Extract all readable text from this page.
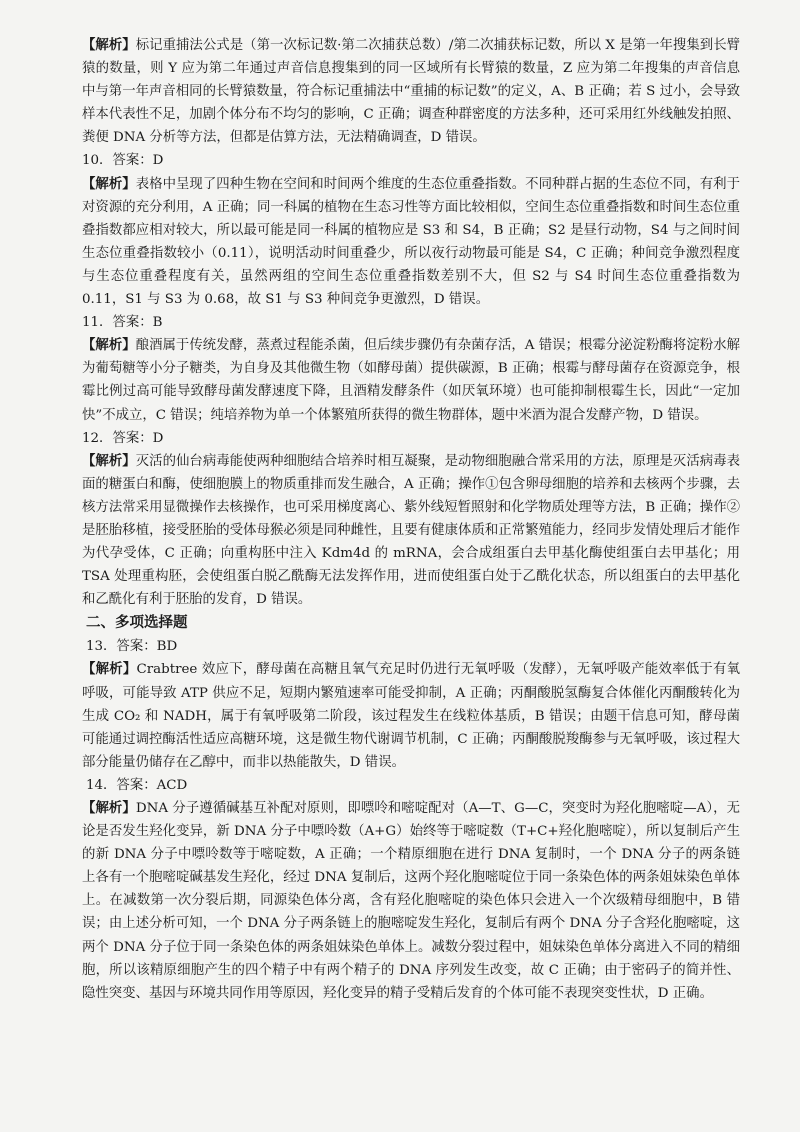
【解析】标记重捕法公式是（第一次标记数·第二次捕获总数）/第二次捕获标记数，所以 X 是第一年搜集到长臂猿的数量，则 Y 应为第二年通过声音信息搜集到的同一区域所有长臂猿的数量，Z 应为第二年搜集的声音信息中与第一年声音相同的长臂猿数量，符合标记重捕法中“重捕的标记数”的定义，A、B 正确；若 S 过小，会导致样本代表性不足，加剧个体分布不均匀的影响，C 正确；调查种群密度的方法多种，还可采用红外线触发拍照、粪便 DNA 分析等方法，但都是估算方法，无法精确调查，D 错误。

10．答案：D

【解析】表格中呈现了四种生物在空间和时间两个维度的生态位重叠指数。不同种群占据的生态位不同，有利于对资源的充分利用，A 正确；同一科属的植物在生态习性等方面比较相似，空间生态位重叠指数和时间生态位重叠指数都应相对较大，所以最可能是同一科属的植物应是 S3 和 S4，B 正确；S2 是昼行动物，S4 与之间时间生态位重叠指数较小（0.11），说明活动时间重叠少，所以夜行动物最可能是 S4，C 正确；种间竞争激烈程度与生态位重叠程度有关，虽然两组的空间生态位重叠指数差别不大，但 S2 与 S4 时间生态位重叠指数为 0.11，S1 与 S3 为 0.68，故 S1 与 S3 种间竞争更激烈，D 错误。

11．答案：B

【解析】酿酒属于传统发酵，蒸煮过程能杀菌，但后续步骤仍有杂菌存活，A 错误；根霉分泌淀粉酶将淀粉水解为葡萄糖等小分子糖类，为自身及其他微生物（如酵母菌）提供碳源，B 正确；根霉与酵母菌存在资源竞争，根霉比例过高可能导致酵母菌发酵速度下降，且酒精发酵条件（如厌氧环境）也可能抑制根霉生长，因此“一定加快”不成立，C 错误；纯培养物为单一个体繁殖所获得的微生物群体，题中米酒为混合发酵产物，D 错误。

12．答案：D

【解析】灭活的仙台病毒能使两种细胞结合培养时相互凝聚，是动物细胞融合常采用的方法，原理是灭活病毒表面的糖蛋白和酶，使细胞膜上的物质重排而发生融合，A 正确；操作①包含卵母细胞的培养和去核两个步骤，去核方法常采用显微操作去核操作，也可采用梯度离心、紫外线短暂照射和化学物质处理等方法，B 正确；操作②是胚胎移植，接受胚胎的受体母猴必须是同种雌性，且要有健康体质和正常繁殖能力，经同步发情处理后才能作为代孕受体，C 正确；向重构胚中注入 Kdm4d 的 mRNA，会合成组蛋白去甲基化酶使组蛋白去甲基化；用 TSA 处理重构胚，会使组蛋白脱乙酰酶无法发挥作用，进而使组蛋白处于乙酰化状态，所以组蛋白的去甲基化和乙酰化有利于胚胎的发育，D 错误。

二、多项选择题

13．答案：BD

【解析】Crabtree 效应下，酵母菌在高糖且氧气充足时仍进行无氧呼吸（发酵），无氧呼吸产能效率低于有氧呼吸，可能导致 ATP 供应不足，短期内繁殖速率可能受抑制，A 正确；丙酮酸脱氢酶复合体催化丙酮酸转化为生成 CO₂ 和 NADH，属于有氧呼吸第二阶段，该过程发生在线粒体基质，B 错误；由题干信息可知，酵母菌可能通过调控酶活性适应高糖环境，这是微生物代谢调节机制，C 正确；丙酮酸脱羧酶参与无氧呼吸，该过程大部分能量仍储存在乙醇中，而非以热能散失，D 错误。

14．答案：ACD

【解析】DNA 分子遵循碱基互补配对原则，即嘌呤和嘧啶配对（A—T、G—C，突变时为羟化胞嘧啶—A），无论是否发生羟化变异，新 DNA 分子中嘌呤数（A+G）始终等于嘧啶数（T+C+羟化胞嘧啶），所以复制后产生的新 DNA 分子中嘌呤数等于嘧啶数，A 正确；一个精原细胞在进行 DNA 复制时，一个 DNA 分子的两条链上各有一个胞嘧啶碱基发生羟化，经过 DNA 复制后，这两个羟化胞嘧啶位于同一条染色体的两条姐妹染色单体上。在减数第一次分裂后期，同源染色体分离，含有羟化胞嘧啶的染色体只会进入一个次级精母细胞中，B 错误；由上述分析可知，一个 DNA 分子两条链上的胞嘧啶发生羟化，复制后有两个 DNA 分子含羟化胞嘧啶，这两个 DNA 分子位于同一条染色体的两条姐妹染色单体上。减数分裂过程中，姐妹染色单体分离进入不同的精细胞，所以该精原细胞产生的四个精子中有两个精子的 DNA 序列发生改变，故 C 正确；由于密码子的简并性、隐性突变、基因与环境共同作用等原因，羟化变异的精子受精后发育的个体可能不表现突变性状，D 正确。
